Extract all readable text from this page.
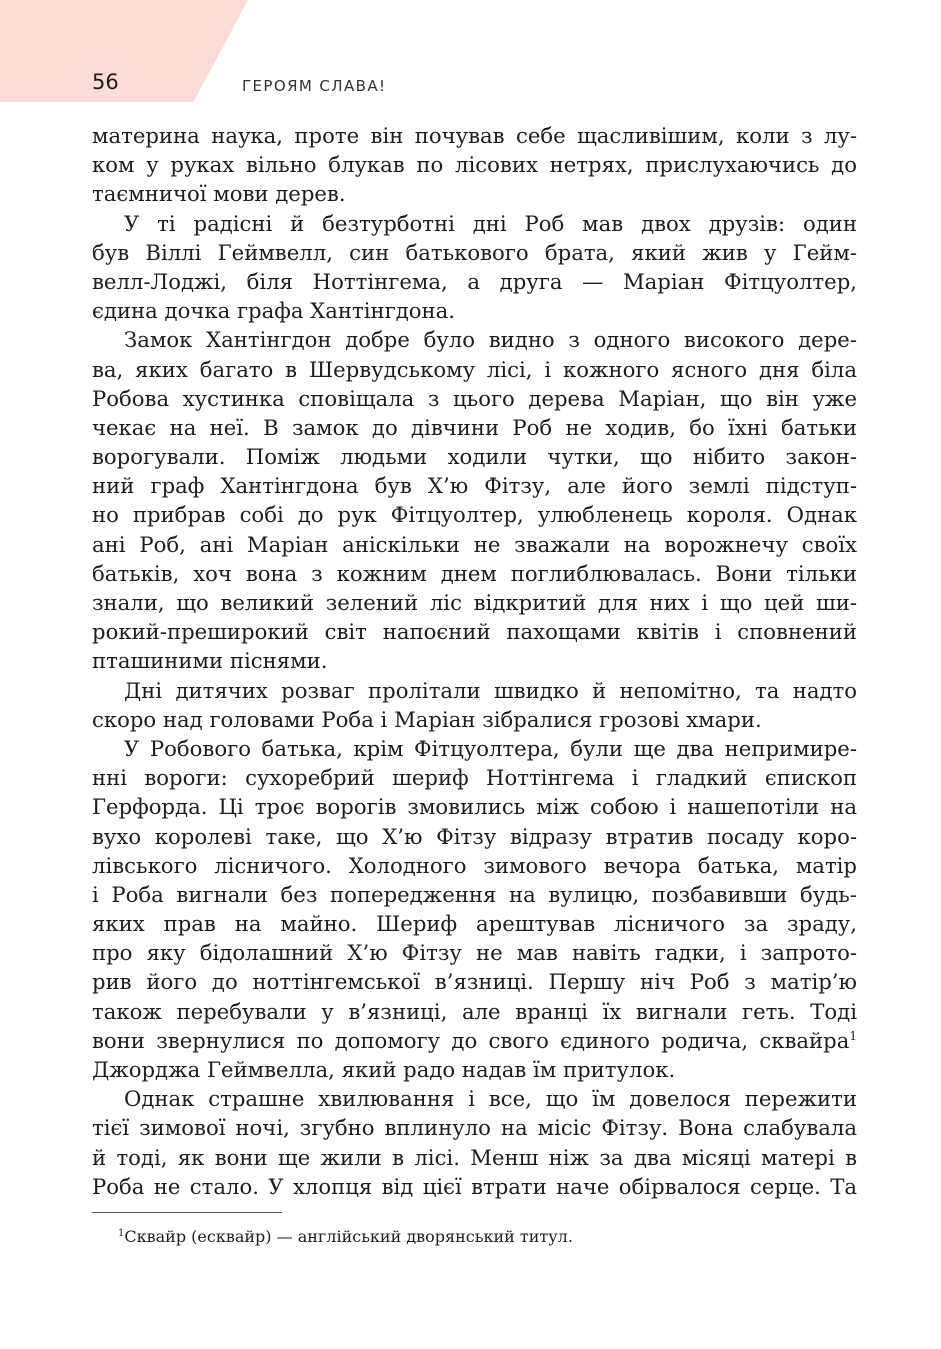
56	ГЕРОЯМ СЛАВА!
материна наука, проте він почував себе щасливішим, коли з лу-
ком у руках вільно блукав по лісових нетрях, прислухаючись до
таємничої мови дерев.
У ті радісні й безтурботні дні Роб мав двох друзів: один
був Віллі Геймвелл, син батькового брата, який жив у Гейм-
велл-Лоджі, біля Ноттінгема, а друга — Маріан Фітцуолтер,
єдина дочка графа Хантінгдона.
Замок Хантінгдон добре було видно з одного високого дере-
ва, яких багато в Шервудському лісі, і кожного ясного дня біла
Робова хустинка сповіщала з цього дерева Маріан, що він уже
чекає на неї. В замок до дівчини Роб не ходив, бо їхні батьки
ворогували. Поміж людьми ходили чутки, що нібито закон-
ний граф Хантінгдона був Х’ю Фітзу, але його землі підступ-
но прибрав собі до рук Фітцуолтер, улюбленець короля. Однак
ані Роб, ані Маріан аніскільки не зважали на ворожнечу своїх
батьків, хоч вона з кожним днем поглиблювалась. Вони тільки
знали, що великий зелений ліс відкритий для них і що цей ши-
рокий-преширокий світ напоєний пахощами квітів і сповнений
пташиними піснями.
Дні дитячих розваг пролітали швидко й непомітно, та надто
скоро над головами Роба і Маріан зібралися грозові хмари.
У Робового батька, крім Фітцуолтера, були ще два непримире-
нні вороги: сухоребрий шериф Ноттінгема і гладкий єпископ
Герфорда. Ці троє ворогів змовились між собою і нашепотіли на
вухо королеві таке, що Х’ю Фітзу відразу втратив посаду коро-
лівського лісничого. Холодного зимового вечора батька, матір
і Роба вигнали без попередження на вулицю, позбавивши будь-
яких прав на майно. Шериф арештував лісничого за зраду,
про яку бідолашний Х’ю Фітзу не мав навіть гадки, і запрото-
рив його до ноттінгемської в’язниці. Першу ніч Роб з матір’ю
також перебували у в’язниці, але вранці їх вигнали геть. Тоді
вони звернулися по допомогу до свого єдиного родича, сквайра$^1$
Джорджа Геймвелла, який радо надав їм притулок.
Однак страшне хвилювання і все, що їм довелося пережити
тієї зимової ночі, згубно вплинуло на місіс Фітзу. Вона слабувала
й тоді, як вони ще жили в лісі. Менш ніж за два місяці матері в
Роба не стало. У хлопця від цієї втрати наче обірвалося серце. Та
$^1$Сквайр (есквайр) — англійський дворянський титул.
